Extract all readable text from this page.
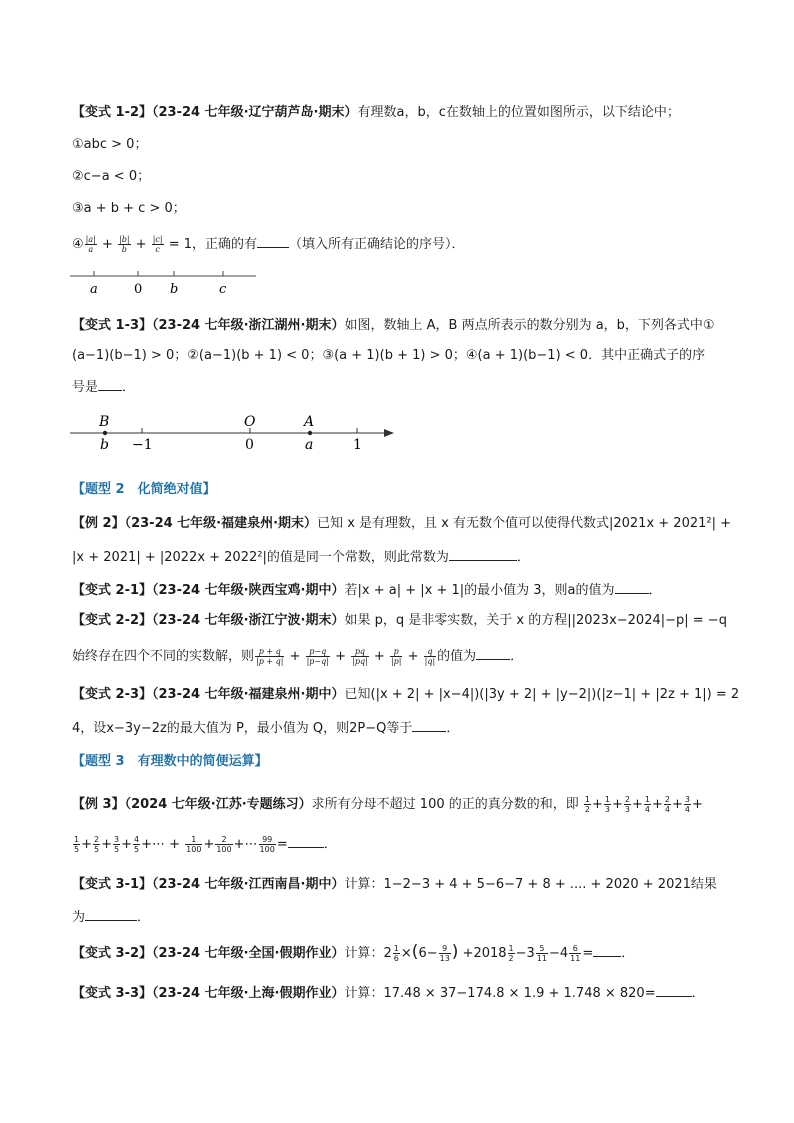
【变式 1-2】（23-24 七年级·辽宁葫芦岛·期末）有理数a，b，c在数轴上的位置如图所示，以下结论中；
①abc > 0；
②c−a < 0；
③a + b + c > 0；
④ $\frac{|a|}{a} + \frac{|b|}{b} + \frac{|c|}{c} = 1$，正确的有 （填入所有正确结论的序号）．
a	0 b	c
【变式 1-3】（23-24 七年级·浙江湖州·期末）如图，数轴上 A，B 两点所表示的数分别为 a，b，下列各式中①
(a−1)(b−1) > 0；②(a−1)(b + 1) < 0；③(a + 1)(b + 1) > 0；④(a + 1)(b−1) < 0．其中正确式子的序
号是 ．
B	O	A
b −1	0	a	1
【题型 2　化简绝对值】
【例 2】（23-24 七年级·福建泉州·期末）已知 x 是有理数，且 x 有无数个值可以使得代数式|2021x + 2021²| +
|x + 2021| + |2022x + 2022²|的值是同一个常数，则此常数为	．
【变式 2-1】（23-24 七年级·陕西宝鸡·期中）若|x + a| + |x + 1|的最小值为 3，则a的值为	．
【变式 2-2】（23-24 七年级·浙江宁波·期末）如果 p，q 是非零实数，关于 x 的方程||2023x−2024|−p| = −q
始终存在四个不同的实数解，则 $\frac{p + q}{|p + q|} + \frac{p-q}{|p-q|} + \frac{pq}{|pq|} + \frac{p}{|p|} + \frac{q}{|q|}$ 的值为	．
【变式 2-3】（23-24 七年级·福建泉州·期中）已知(|x + 2| + |x−4|)(|3y + 2| + |y−2|)(|z−1| + |2z + 1|) = 2
4，设x−3y−2z的最大值为 P，最小值为 Q，则2P−Q等于	．
【题型 3　有理数中的简便运算】
【例 3】（2024 七年级·江苏·专题练习）求所有分母不超过 100 的正的真分数的和，即 $\frac{1}{2} + \frac{1}{3} + \frac{2}{3} + \frac{1}{4} + \frac{2}{4} + \frac{3}{4}$ +
$\frac{1}{5} + \frac{2}{5} + \frac{3}{5} + \frac{4}{5}$ +⋯ + $\frac{1}{100} + \frac{2}{100}$ +⋯ $\frac{99}{100}$ =	．
【变式 3-1】（23-24 七年级·江西南昌·期中）计算：1−2−3 + 4 + 5−6−7 + 8 + .... + 2020 + 2021结果
为	．
【变式 3-2】（23-24 七年级·全国·假期作业）计算：$2 \frac{1}{6} \times(6- \frac{9}{13}$ ) $+2018 \frac{1}{2} -3 \frac{5}{11} -4 \frac{6}{11}$ = ．
【变式 3-3】（23-24 七年级·上海·假期作业）计算：17.48 × 37−174.8 × 1.9 + 1.748 × 820=	．
